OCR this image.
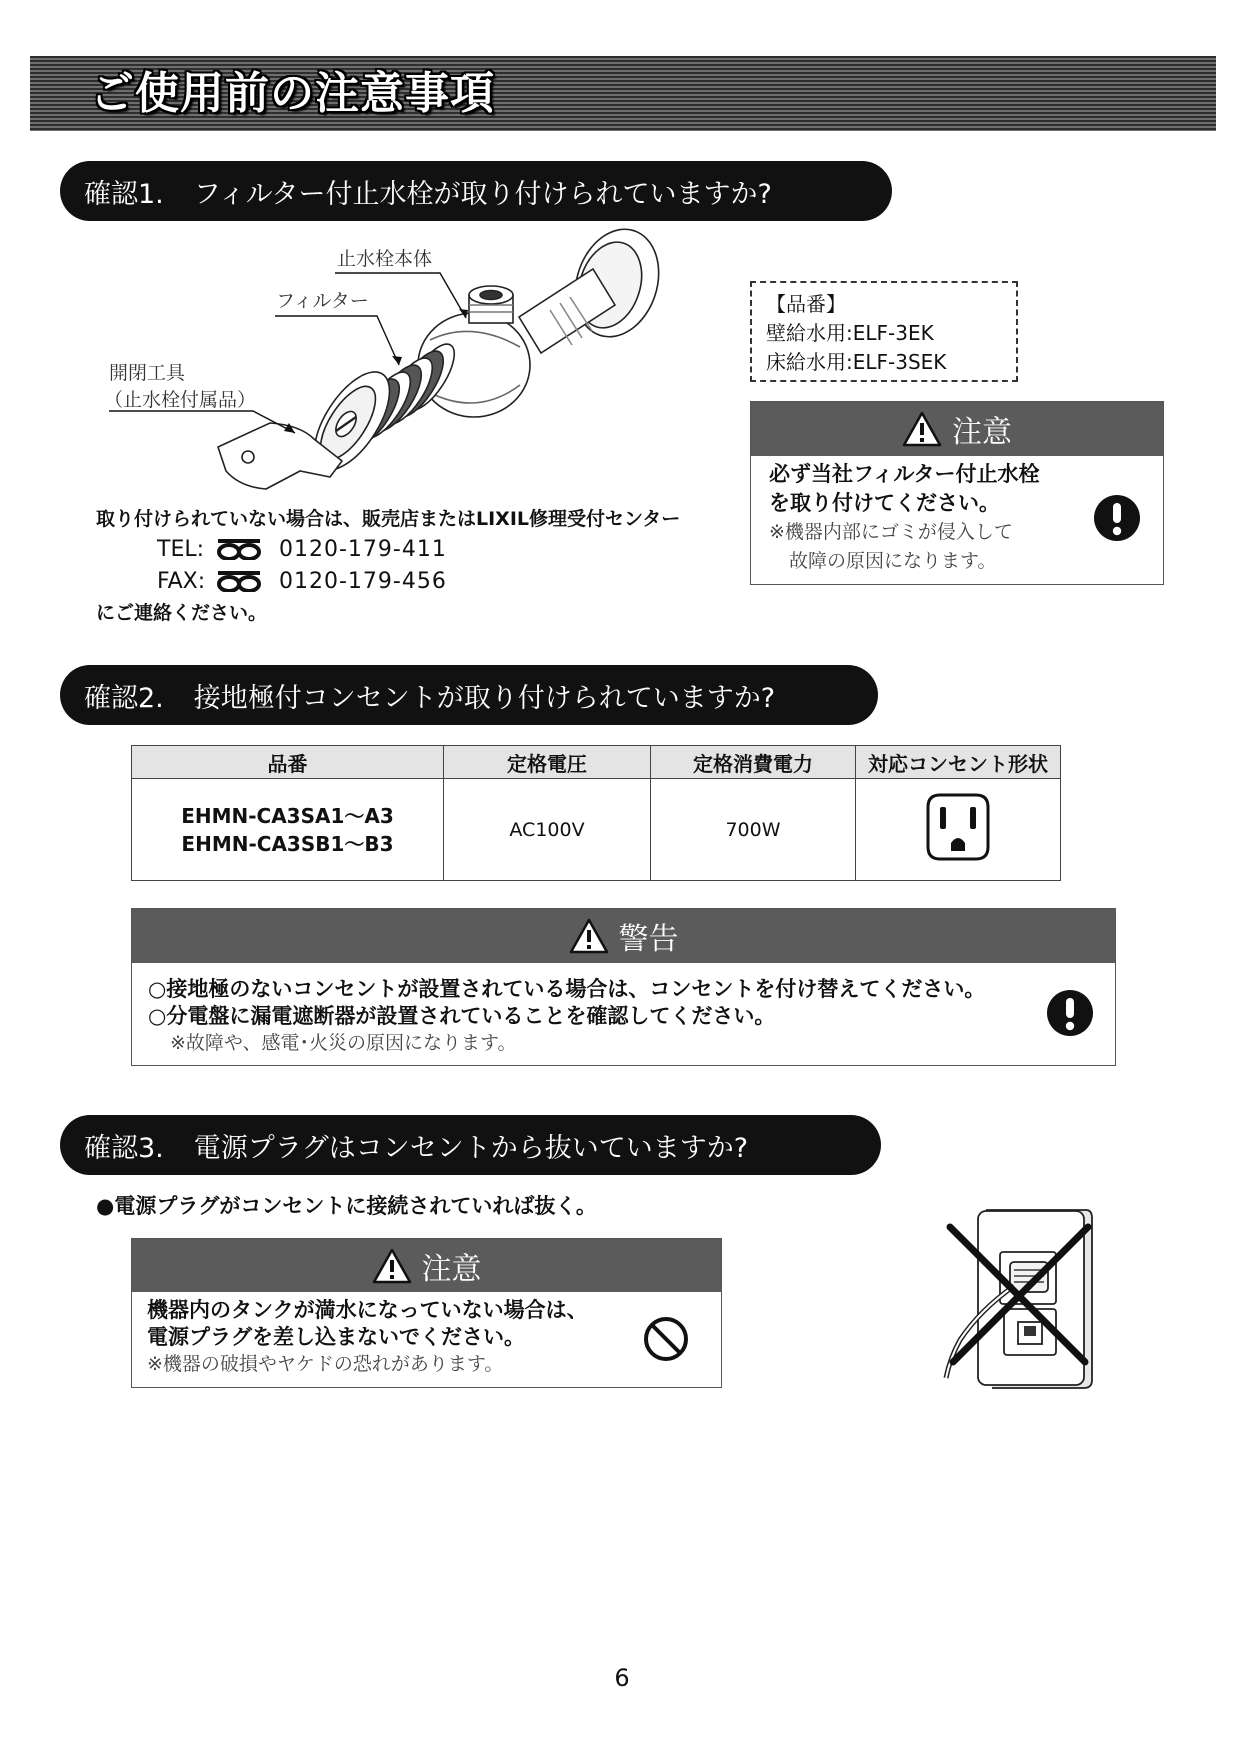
ご使用前の注意事項
確認1. フィルター付止水栓が取り付けられていますか?
止水栓本体
フィルター
開閉工具
（止水栓付属品）
【品番】
壁給水用:ELF-3EK
床給水用:ELF-3SEK
注意
必ず当社フィルター付止水栓
を取り付けてください。
※機器内部にゴミが侵入して
故障の原因になります。
取り付けられていない場合は、販売店またはLIXIL修理受付センター
TEL:	0120-179-411
FAX:	0120-179-456
にご連絡ください。
確認2. 接地極付コンセントが取り付けられていますか?
品番	定格電圧	定格消費電力	対応コンセント形状

EHMN-CA3SA1～A3
EHMN-CA3SB1～B3	AC100V	700W	
警告
○接地極のないコンセントが設置されている場合は、コンセントを付け替えてください。
○分電盤に漏電遮断器が設置されていることを確認してください。
※故障や、感電･火災の原因になります。
確認3. 電源プラグはコンセントから抜いていますか?
●電源プラグがコンセントに接続されていれば抜く。
注意
機器内のタンクが満水になっていない場合は、
電源プラグを差し込まないでください。
※機器の破損やヤケドの恐れがあります。
6
